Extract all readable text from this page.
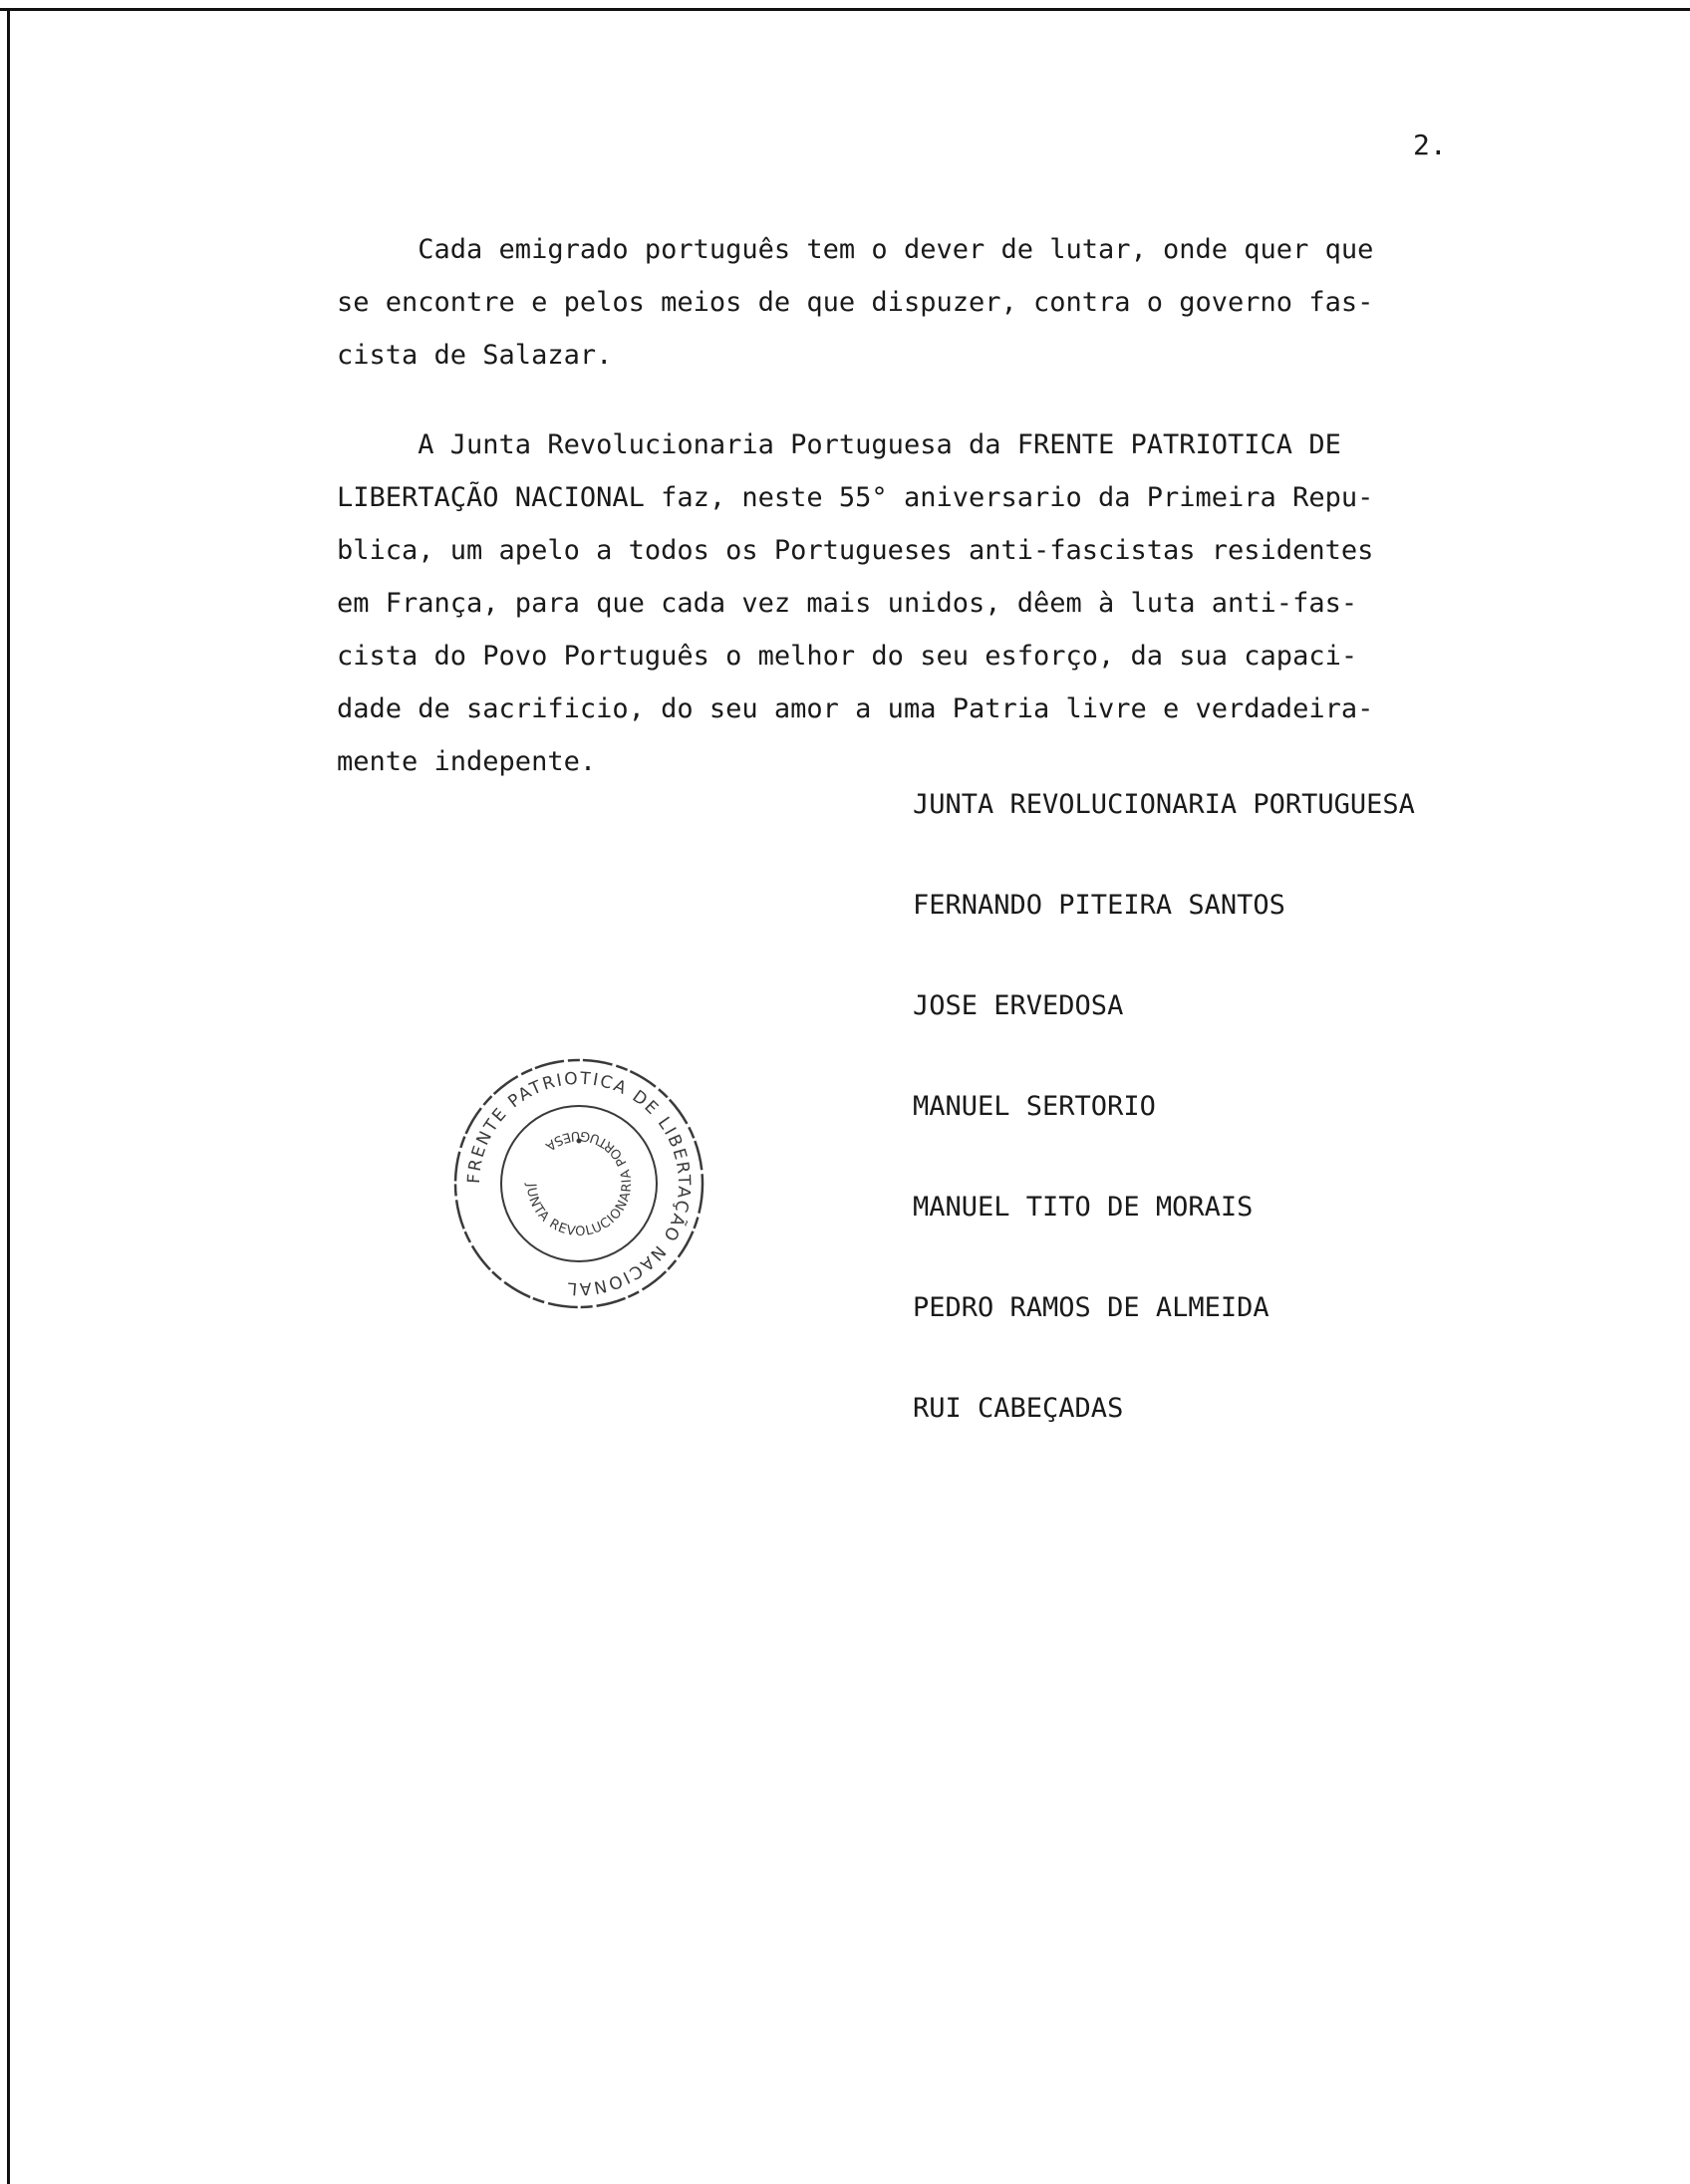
2.

Cada emigrado português tem o dever de lutar, onde quer que
se encontre e pelos meios de que dispuzer, contra o governo fas-
cista de Salazar.

A Junta Revolucionaria Portuguesa da FRENTE PATRIOTICA DE
LIBERTAÇÃO NACIONAL faz, neste 55° aniversario da Primeira Repu-
blica, um apelo a todos os Portugueses anti-fascistas residentes
em França, para que cada vez mais unidos, dêem à luta anti-fas-
cista do Povo Português o melhor do seu esforço, da sua capaci-
dade de sacrificio, do seu amor a uma Patria livre e verdadeira-
mente indepente.

JUNTA REVOLUCIONARIA PORTUGUESA
FERNANDO PITEIRA SANTOS
JOSE ERVEDOSA
MANUEL SERTORIO
MANUEL TITO DE MORAIS
PEDRO RAMOS DE ALMEIDA
RUI CABEÇADAS
FRENTE PATRIOTICA DE LIBERTAÇÃO NACIONAL
JUNTA REVOLUCIONARIA PORTUGUESA
